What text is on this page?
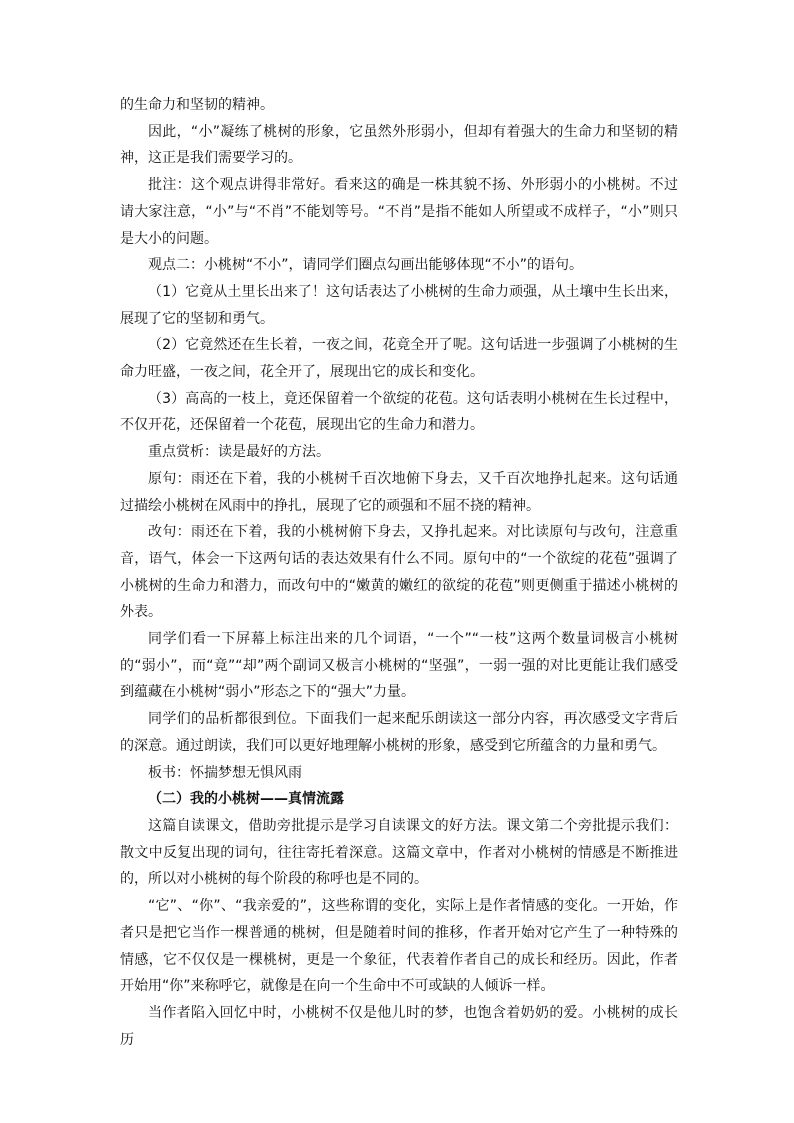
的生命力和坚韧的精神。

因此，“小”凝练了桃树的形象，它虽然外形弱小，但却有着强大的生命力和坚韧的精神，这正是我们需要学习的。

批注：这个观点讲得非常好。看来这的确是一株其貌不扬、外形弱小的小桃树。不过请大家注意，“小”与“不肖”不能划等号。“不肖”是指不能如人所望或不成样子，“小”则只是大小的问题。

观点二：小桃树“不小”，请同学们圈点勾画出能够体现“不小”的语句。

（1）它竟从土里长出来了！这句话表达了小桃树的生命力顽强，从土壤中生长出来，展现了它的坚韧和勇气。

（2）它竟然还在生长着，一夜之间，花竟全开了呢。这句话进一步强调了小桃树的生命力旺盛，一夜之间，花全开了，展现出它的成长和变化。

（3）高高的一枝上，竟还保留着一个欲绽的花苞。这句话表明小桃树在生长过程中，不仅开花，还保留着一个花苞，展现出它的生命力和潜力。

重点赏析：读是最好的方法。

原句：雨还在下着，我的小桃树千百次地俯下身去，又千百次地挣扎起来。这句话通过描绘小桃树在风雨中的挣扎，展现了它的顽强和不屈不挠的精神。

改句：雨还在下着，我的小桃树俯下身去，又挣扎起来。对比读原句与改句，注意重音，语气，体会一下这两句话的表达效果有什么不同。原句中的“一个欲绽的花苞”强调了小桃树的生命力和潜力，而改句中的“嫩黄的嫩红的欲绽的花苞”则更侧重于描述小桃树的外表。

同学们看一下屏幕上标注出来的几个词语，“一个”“一枝”这两个数量词极言小桃树的“弱小”，而“竟”“却”两个副词又极言小桃树的“坚强”，一弱一强的对比更能让我们感受到蕴藏在小桃树“弱小”形态之下的“强大”力量。

同学们的品析都很到位。下面我们一起来配乐朗读这一部分内容，再次感受文字背后的深意。通过朗读，我们可以更好地理解小桃树的形象，感受到它所蕴含的力量和勇气。

板书：怀揣梦想无惧风雨

（二）我的小桃树——真情流露

这篇自读课文，借助旁批提示是学习自读课文的好方法。课文第二个旁批提示我们：散文中反复出现的词句，往往寄托着深意。这篇文章中，作者对小桃树的情感是不断推进的，所以对小桃树的每个阶段的称呼也是不同的。

“它”、“你”、“我亲爱的”，这些称谓的变化，实际上是作者情感的变化。一开始，作者只是把它当作一棵普通的桃树，但是随着时间的推移，作者开始对它产生了一种特殊的情感，它不仅仅是一棵桃树，更是一个象征，代表着作者自己的成长和经历。因此，作者开始用“你”来称呼它，就像是在向一个生命中不可或缺的人倾诉一样。

当作者陷入回忆中时，小桃树不仅是他儿时的梦，也饱含着奶奶的爱。小桃树的成长历
